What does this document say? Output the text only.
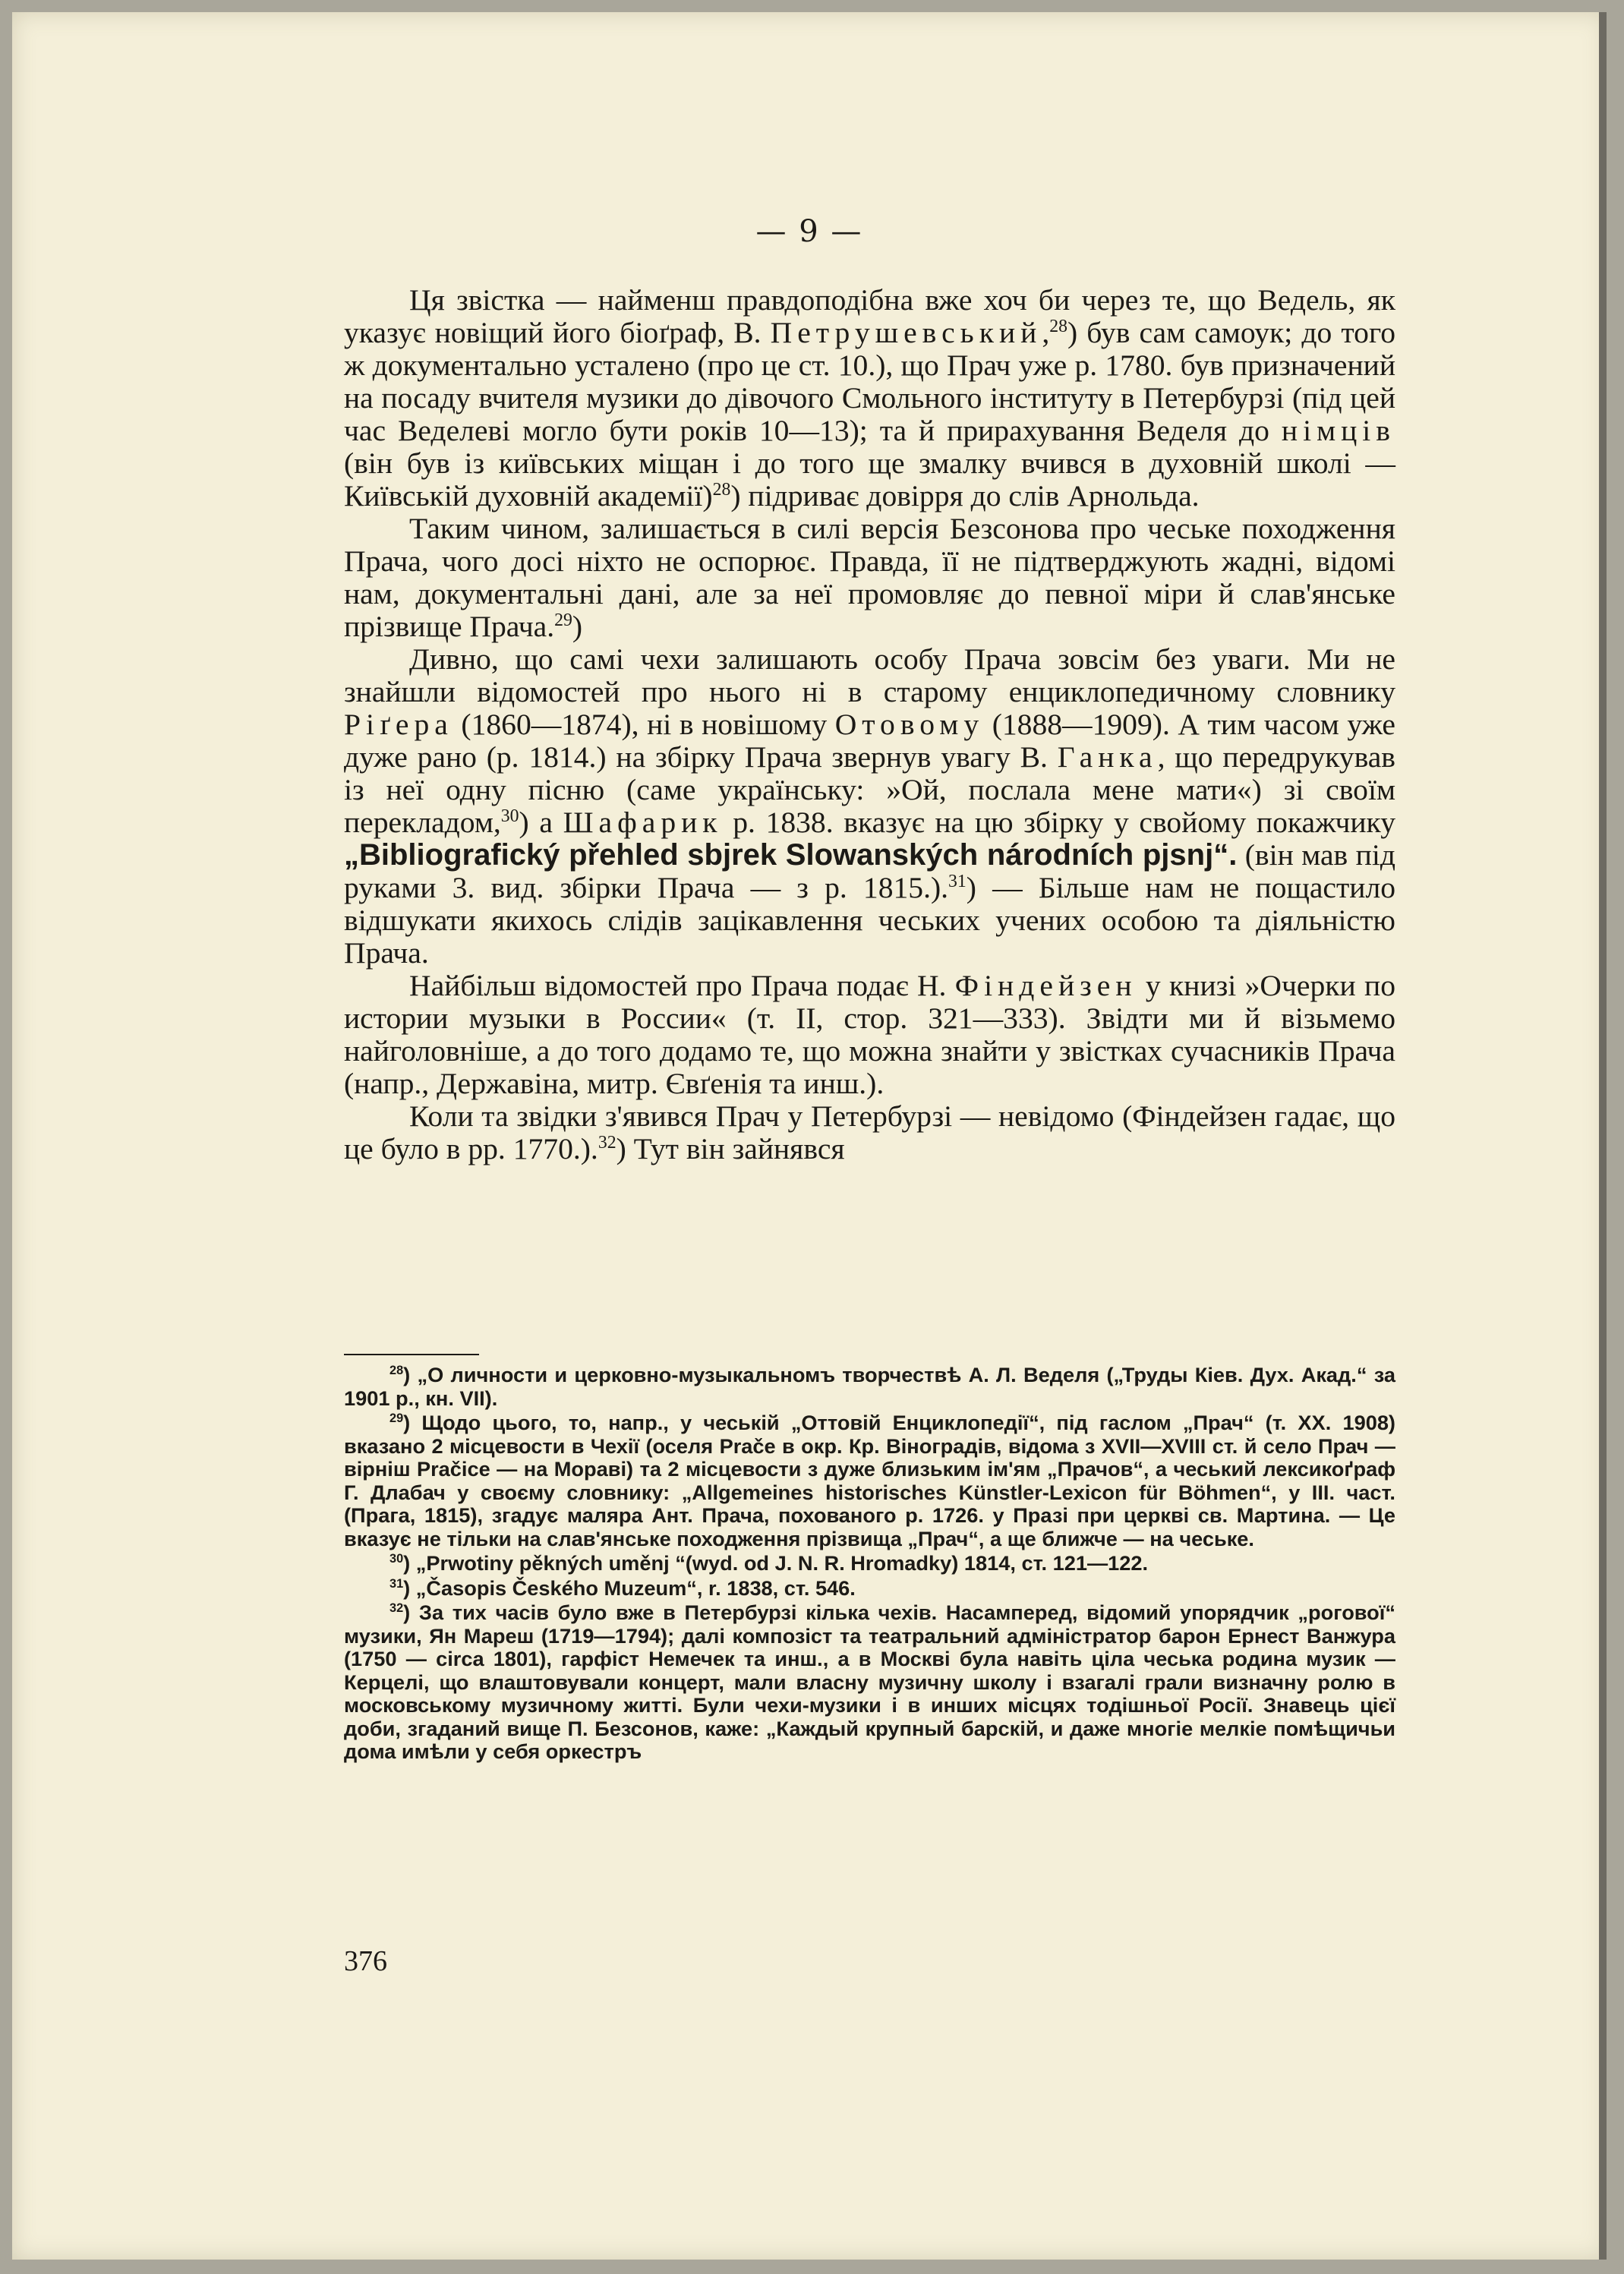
— 9 —

Ця звістка — найменш правдоподібна вже хоч би через те, що Ведель, як указує новіщий його біоґраф, В. Петрушевський,$^{28}$) був сам самоук; до того ж документально усталено (про це ст. 10.), що Прач уже р. 1780. був призначений на посаду вчителя музики до дівочого Смольного інституту в Петербурзі (під цей час Веделеві могло бути років 10—13); та й прирахування Веделя до німців (він був із київських міщан і до того ще змалку вчився в духовній школі — Київській духовній академії)$^{28}$) підриває довірря до слів Арнольда.

Таким чином, залишається в силі версія Безсонова про чеське походження Прача, чого досі ніхто не оспорює. Правда, її не підтверджують жадні, відомі нам, документальні дані, але за неї промовляє до певної міри й слав'янське прізвище Прача.$^{29}$)

Дивно, що самі чехи залишають особу Прача зовсім без уваги. Ми не знайшли відомостей про нього ні в старому енциклопедичному словнику Ріґера (1860—1874), ні в новішому Отовому (1888—1909). А тим часом уже дуже рано (р. 1814.) на збірку Прача звернув увагу В. Ганка, що передрукував із неї одну пісню (саме українську: »Ой, послала мене мати«) зі своїм перекладом,$^{30}$) а Шафарик р. 1838. вказує на цю збірку у свойому покажчику „Bibliografický přehled sbjrek Slowanských národních pjsnj“. (він мав під руками 3. вид. збірки Прача — з р. 1815.).$^{31}$) — Більше нам не пощастило відшукати якихось слідів зацікавлення чеських учених особою та діяльністю Прача.

Найбільш відомостей про Прача подає Н. Фіндейзен у книзі »Очерки по истории музыки в России« (т. II, стор. 321—333). Звідти ми й візьмемо найголовніше, а до того додамо те, що можна знайти у звістках сучасників Прача (напр., Державіна, митр. Євґенія та инш.).

Коли та звідки з'явився Прач у Петербурзі — невідомо (Фіндейзен гадає, що це було в рр. 1770.).$^{32}$) Тут він зайнявся

$^{28}$) „О личности и церковно-музыкальномъ творчествѣ А. Л. Веделя („Труды Кіев. Дух. Акад.“ за 1901 р., кн. VII).

$^{29}$) Щодо цього, то, напр., у чеській „Оттовій Енциклопедії“, під гаслом „Прач“ (т. XX. 1908) вказано 2 місцевости в Чехії (оселя Prače в окр. Кр. Віноградів, відома з XVII—XVIII ст. й село Прач — вірніш Pračice — на Мораві) та 2 місцевости з дуже близьким ім'ям „Прачов“, а чеський лексикоґраф Г. Длабач у своєму словнику: „Allgemeines historisches Künstler-Lexicon für Böhmen“, у III. част. (Прага, 1815), згадує маляра Ант. Прача, похованого р. 1726. у Празі при церкві св. Мартина. — Це вказує не тільки на слав'янське походження прізвища „Прач“, а ще ближче — на чеське.

$^{30}$) „Prwotiny pěkných uměnj “(wyd. od J. N. R. Hromadky) 1814, ст. 121—122.

$^{31}$) „Časopis Českého Muzeum“, r. 1838, ст. 546.

$^{32}$) За тих часів було вже в Петербурзі кілька чехів. Насамперед, відомий упорядчик „рогової“ музики, Ян Мареш (1719—1794); далі композіст та театральний адміністратор барон Ернест Ванжура (1750 — circa 1801), гарфіст Немечек та инш., а в Москві була навіть ціла чеська родина музик — Керцелі, що влаштовували концерт, мали власну музичну школу і взагалі грали визначну ролю в московському музичному житті. Були чехи-музики і в инших місцях тодішньої Росії. Знавець цієї доби, згаданий вище П. Безсонов, каже: „Каждый крупный барскій, и даже многіе мелкіе помѣщичьи дома имѣли у себя оркестръ

376
